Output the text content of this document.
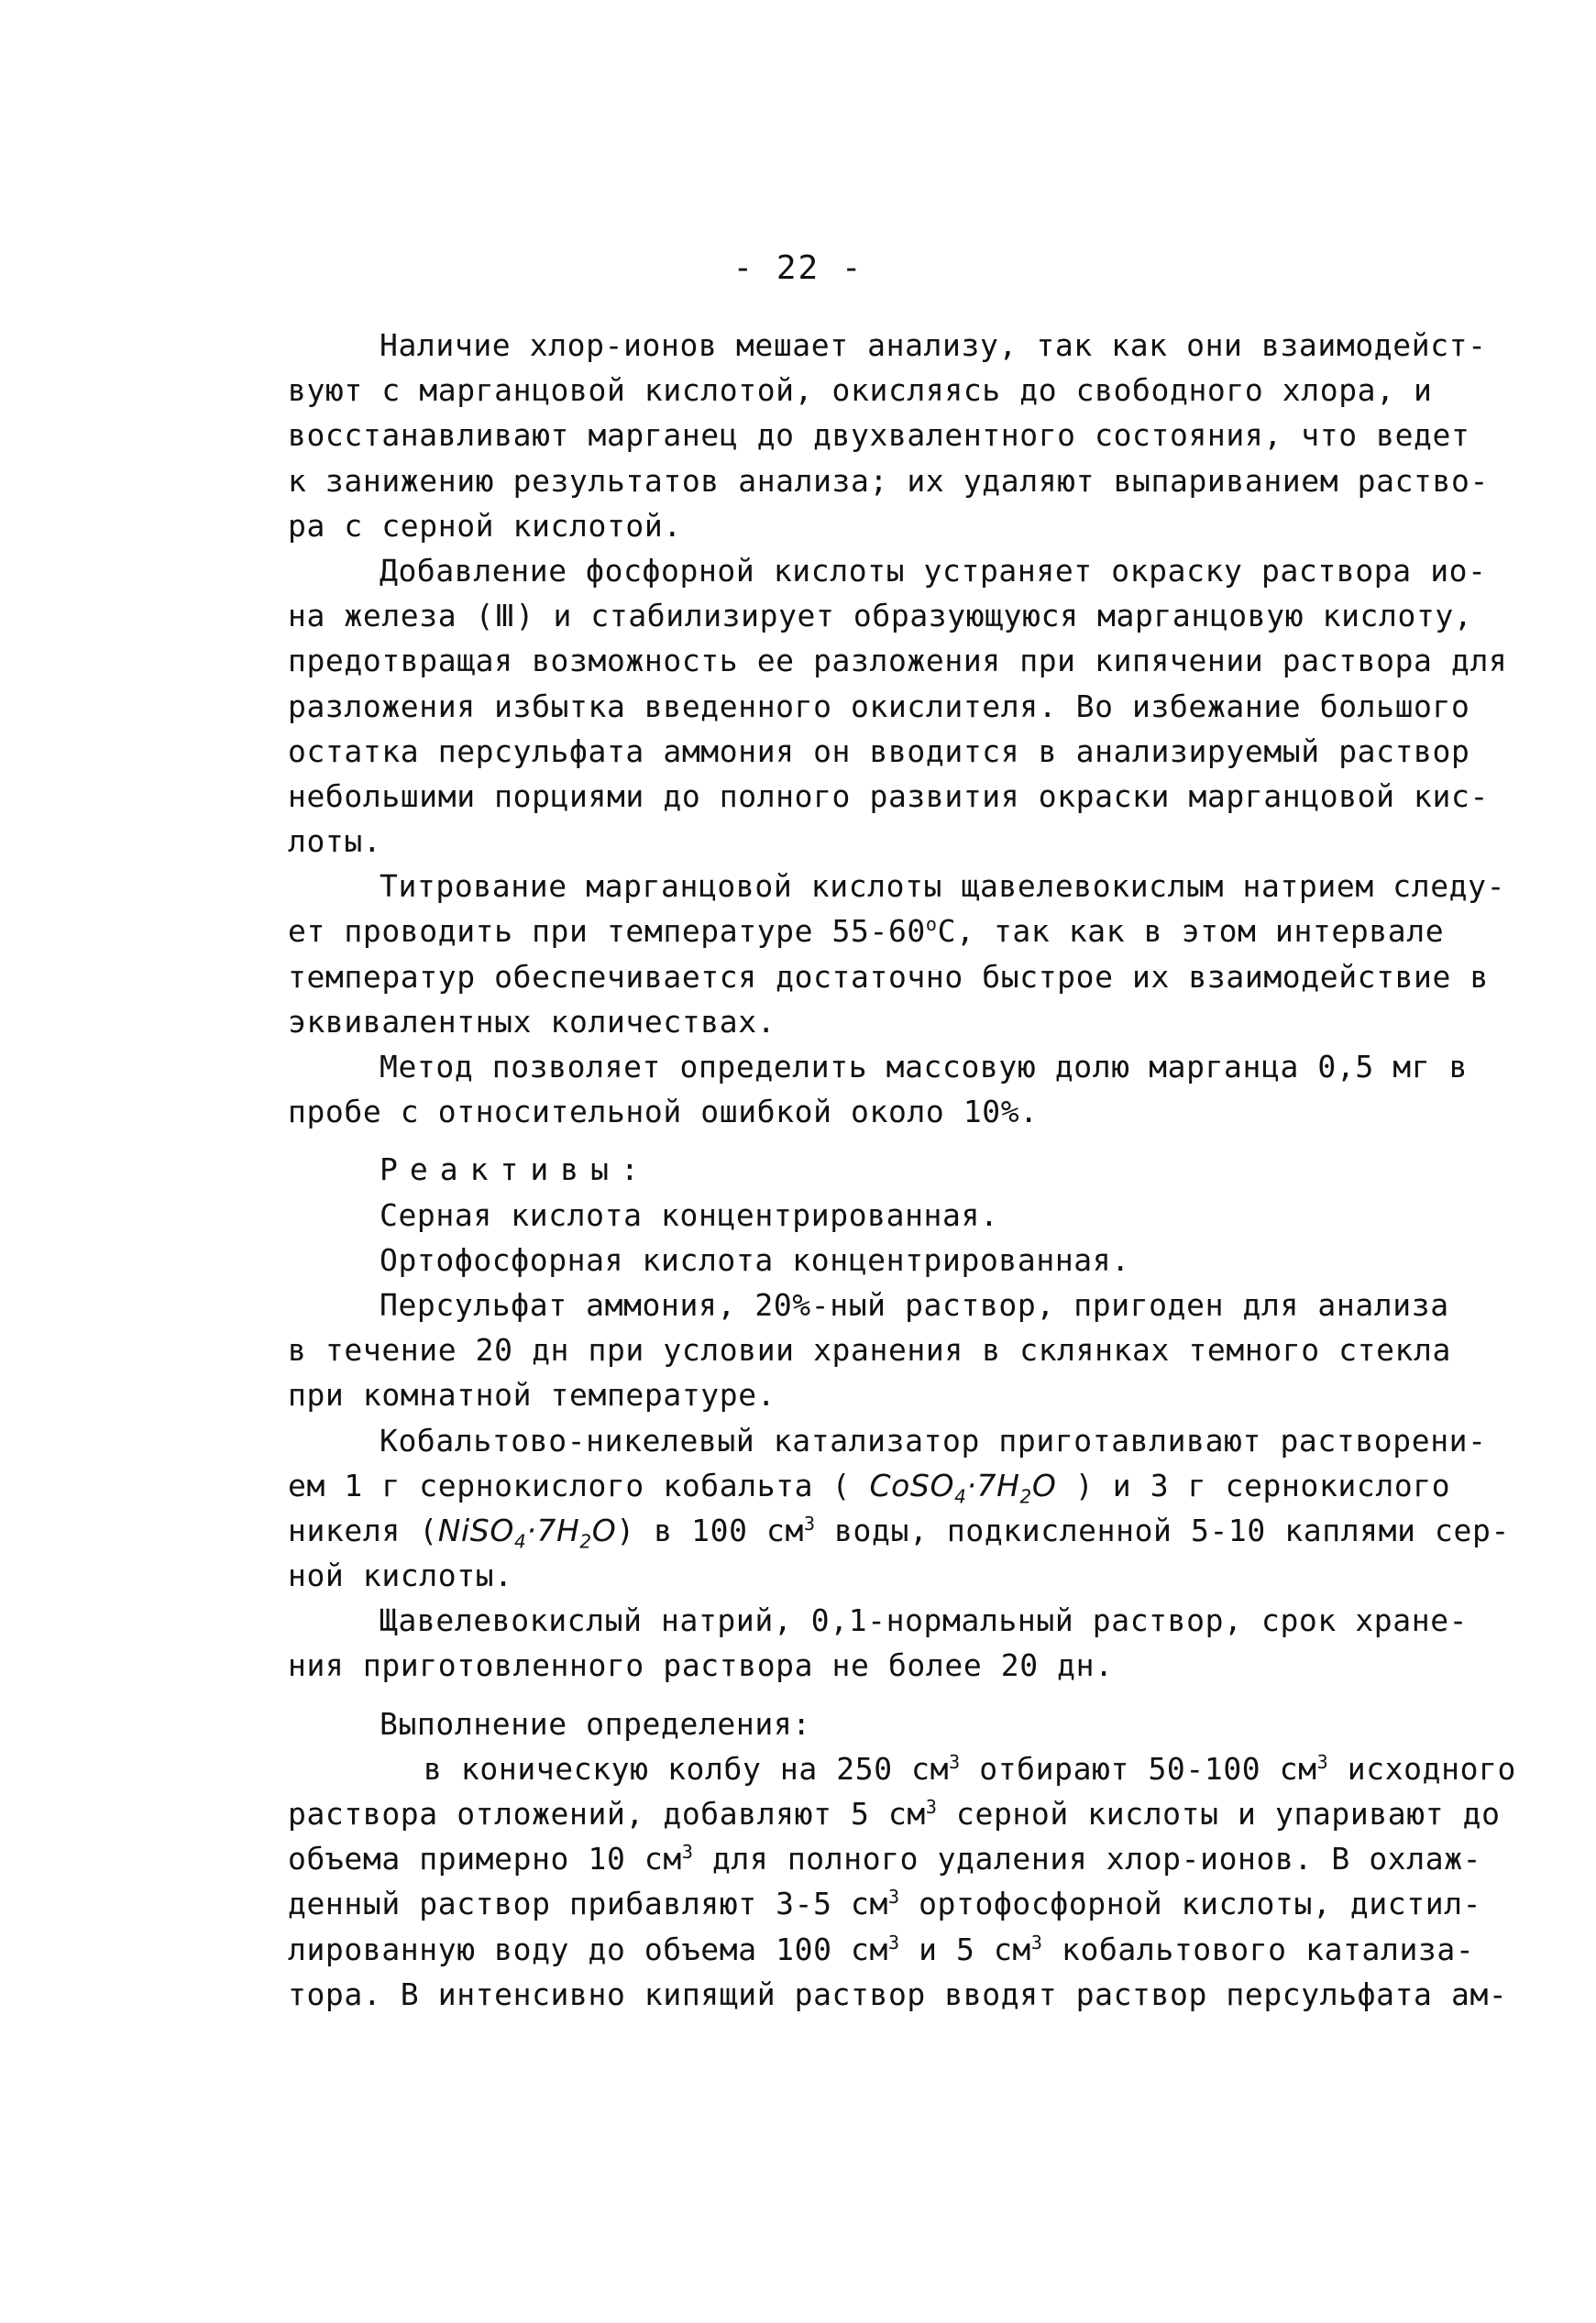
- 22 -
Наличие хлор-ионов мешает анализу, так как они взаимодейст-
вуют с марганцовой кислотой, окисляясь до свободного хлора, и
восстанавливают марганец до двухвалентного состояния, что ведет
к занижению результатов анализа; их удаляют выпариванием раство-
ра с серной кислотой.
Добавление фосфорной кислоты устраняет окраску раствора ио-
на железа (Ⅲ) и стабилизирует образующуюся марганцовую кислоту,
предотвращая возможность ее разложения при кипячении раствора для
разложения избытка введенного окислителя. Во избежание большого
остатка персульфата аммония он вводится в анализируемый раствор
небольшими порциями до полного развития окраски марганцовой кис-
лоты.
Титрование марганцовой кислоты щавелевокислым натрием следу-
ет проводить при температуре $55-60^оС$, так как в этом интервале
температур обеспечивается достаточно быстрое их взаимодействие в
эквивалентных количествах.
Метод позволяет определить массовую долю марганца 0,5 мг в
пробе с относительной ошибкой около 10%.
Реактивы:
Серная кислота концентрированная.
Ортофосфорная кислота концентрированная.
Персульфат аммония, 20%-ный раствор, пригоден для анализа
в течение 20 дн при условии хранения в склянках темного стекла
при комнатной температуре.
Кобальтово-никелевый катализатор приготавливают растворени-
ем 1 г сернокислого кобальта ( $CoSO_4\cdot 7H_2O$ ) и 3 г сернокислого
никеля $(NiSO_4\cdot 7H_2O)$ в 100 $см^3$ воды, подкисленной 5-10 каплями сер-
ной кислоты.
Щавелевокислый натрий, 0,1-нормальный раствор, срок хране-
ния приготовленного раствора не более 20 дн.
Выполнение определения:
в коническую колбу на 250 $см^3$ отбирают 50-100 $см^3$ исходного
раствора отложений, добавляют 5 $см^3$ серной кислоты и упаривают до
объема примерно 10 $см^3$ для полного удаления хлор-ионов. В охлаж-
денный раствор прибавляют 3-5 $см^3$ ортофосфорной кислоты, дистил-
лированную воду до объема 100 $см^3$ и 5 $см^3$ кобальтового катализа-
тора. В интенсивно кипящий раствор вводят раствор персульфата ам-
